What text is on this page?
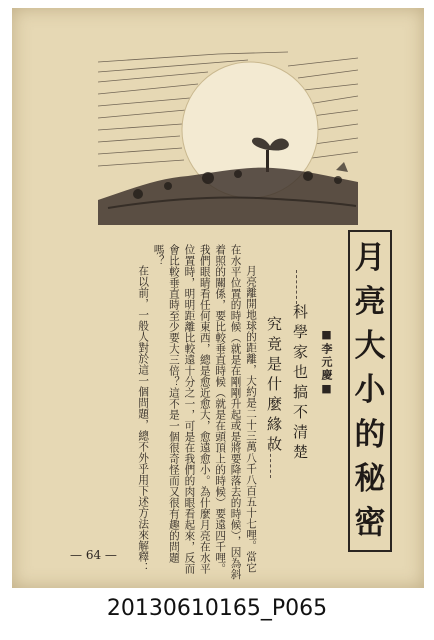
月
亮
大
小
的
秘
密
■李元慶■
科學家也搞不清楚
究竟是什麼緣故
月亮離開地球的距離，大約是二十三萬八千八百五十七哩。當它在水平位置的時候（就是在剛剛升起或是將要降落去的時候），因為斜着照的關係，要比較垂直時候（就是在頭頂上的時候）要遠四千哩。我們眼睛看任何東西，總是愈近愈大，愈遠愈小。為什麼月亮在水平位置時，明明距離比較遠十分之一，可是在我們的肉眼看起來，反而會比較垂直時至少要大三倍？這不是一個很奇怪而又很有趣的問題嗎？
在以前，一般人對於這一個問題，總不外乎用下述方法來解釋：
— 64 —
20130610165_P065
